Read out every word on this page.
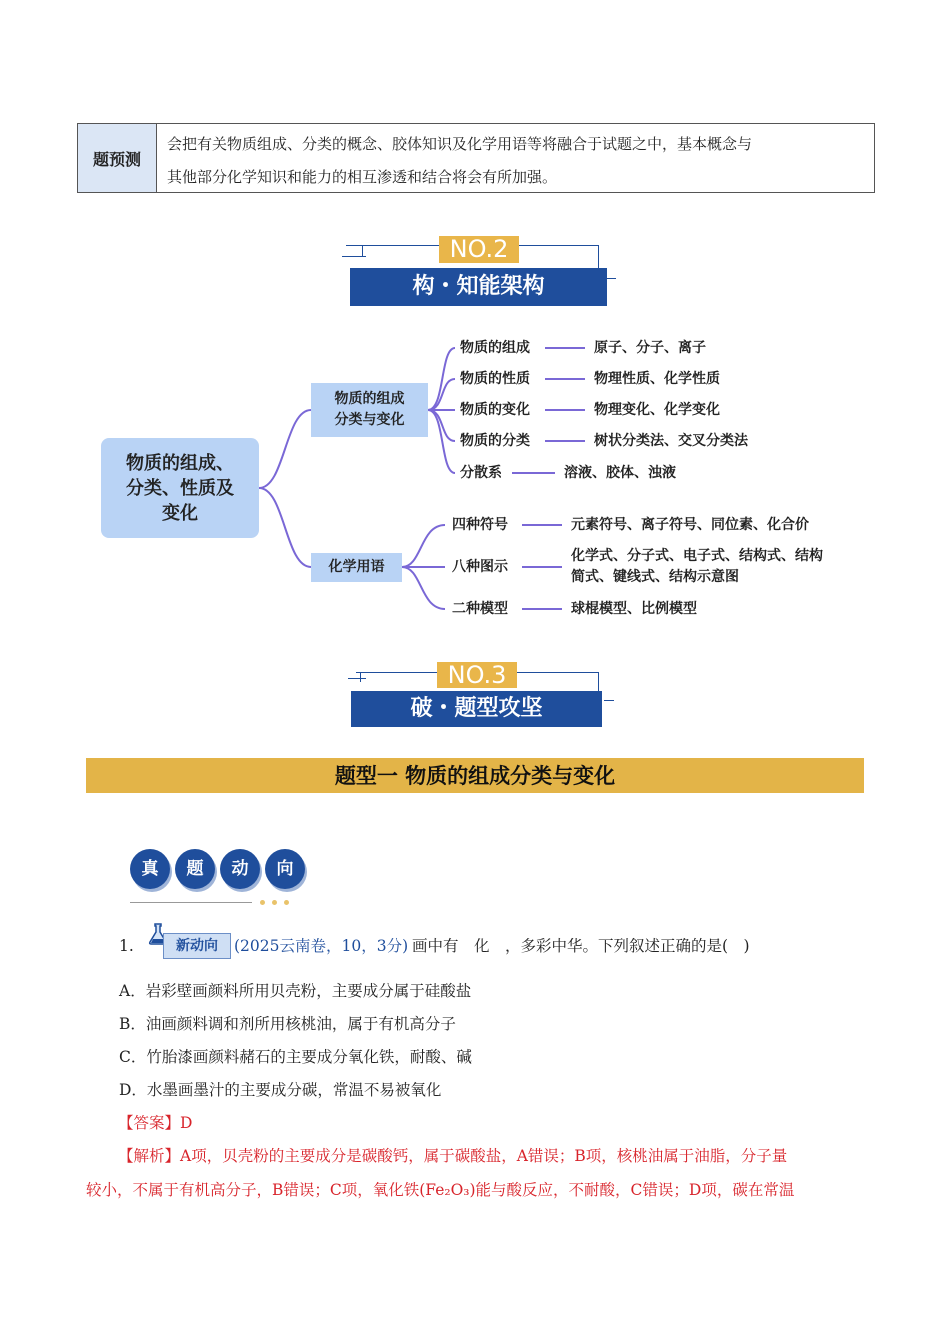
题预测
会把有关物质组成、分类的概念、胶体知识及化学用语等将融合于试题之中，基本概念与
其他部分化学知识和能力的相互渗透和结合将会有所加强。
NO.2
构・知能架构
物质的组成、
分类、性质及
变化
物质的组成
分类与变化
化学用语
物质的组成	原子、分子、离子
物质的性质	物理性质、化学性质
物质的变化	物理变化、化学变化
物质的分类	树状分类法、交叉分类法
分散系	溶液、胶体、浊液
四种符号	元素符号、离子符号、同位素、化合价
八种图示
化学式、分子式、电子式、结构式、结构
简式、键线式、结构示意图
二种模型	球棍模型、比例模型
NO.3
破・题型攻坚
题型一 物质的组成分类与变化
真	题	动	向
1.	新动向	(2025云南卷，10，3分) 画中有　化　，多彩中华。下列叙述正确的是(　)
A．岩彩壁画颜料所用贝壳粉，主要成分属于硅酸盐
B．油画颜料调和剂所用核桃油，属于有机高分子
C．竹胎漆画颜料赭石的主要成分氧化铁，耐酸、碱
D．水墨画墨汁的主要成分碳，常温不易被氧化
【答案】D
【解析】A项，贝壳粉的主要成分是碳酸钙，属于碳酸盐，A错误；B项，核桃油属于油脂，分子量
较小，不属于有机高分子，B错误；C项，氧化铁(Fe₂O₃)能与酸反应，不耐酸，C错误；D项，碳在常温
